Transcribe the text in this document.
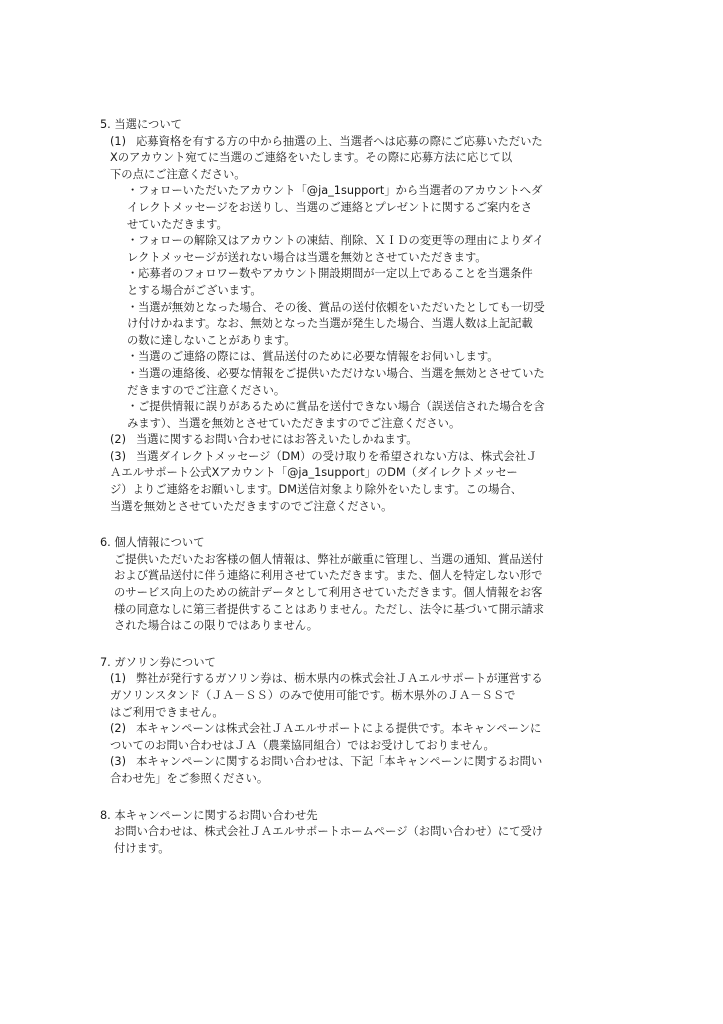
5. 当選について
(1) 応募資格を有する方の中から抽選の上、当選者へは応募の際にご応募いただいた
Xのアカウント宛てに当選のご連絡をいたします。その際に応募方法に応じて以
下の点にご注意ください。
・フォローいただいたアカウント「@ja_1support」から当選者のアカウントへダ
イレクトメッセージをお送りし、当選のご連絡とプレゼントに関するご案内をさ
せていただきます。
・フォローの解除又はアカウントの凍結、削除、ＸＩＤの変更等の理由によりダイ
レクトメッセージが送れない場合は当選を無効とさせていただきます。
・応募者のフォロワー数やアカウント開設期間が一定以上であることを当選条件
とする場合がございます。
・当選が無効となった場合、その後、賞品の送付依頼をいただいたとしても一切受
け付けかねます。なお、無効となった当選が発生した場合、当選人数は上記記載
の数に達しないことがあります。
・当選のご連絡の際には、賞品送付のために必要な情報をお伺いします。
・当選の連絡後、必要な情報をご提供いただけない場合、当選を無効とさせていた
だきますのでご注意ください。
・ご提供情報に誤りがあるために賞品を送付できない場合（誤送信された場合を含
みます）、当選を無効とさせていただきますのでご注意ください。
(2) 当選に関するお問い合わせにはお答えいたしかねます。
(3) 当選ダイレクトメッセージ（DM）の受け取りを希望されない方は、株式会社Ｊ
Ａエルサポート公式Xアカウント「@ja_1support」のDM（ダイレクトメッセー
ジ）よりご連絡をお願いします。DM送信対象より除外をいたします。この場合、
当選を無効とさせていただきますのでご注意ください。
6. 個人情報について
ご提供いただいたお客様の個人情報は、弊社が厳重に管理し、当選の通知、賞品送付
および賞品送付に伴う連絡に利用させていただきます。また、個人を特定しない形で
のサービス向上のための統計データとして利用させていただきます。個人情報をお客
様の同意なしに第三者提供することはありません。ただし、法令に基づいて開示請求
された場合はこの限りではありません。
7. ガソリン券について
(1) 弊社が発行するガソリン券は、栃木県内の株式会社ＪＡエルサポートが運営する
ガソリンスタンド（ＪＡ－ＳＳ）のみで使用可能です。栃木県外のＪＡ－ＳＳで
はご利用できません。
(2) 本キャンペーンは株式会社ＪＡエルサポートによる提供です。本キャンペーンに
ついてのお問い合わせはＪＡ（農業協同組合）ではお受けしておりません。
(3) 本キャンペーンに関するお問い合わせは、下記「本キャンペーンに関するお問い
合わせ先」をご参照ください。
8. 本キャンペーンに関するお問い合わせ先
お問い合わせは、株式会社ＪＡエルサポートホームページ（お問い合わせ）にて受け
付けます。
